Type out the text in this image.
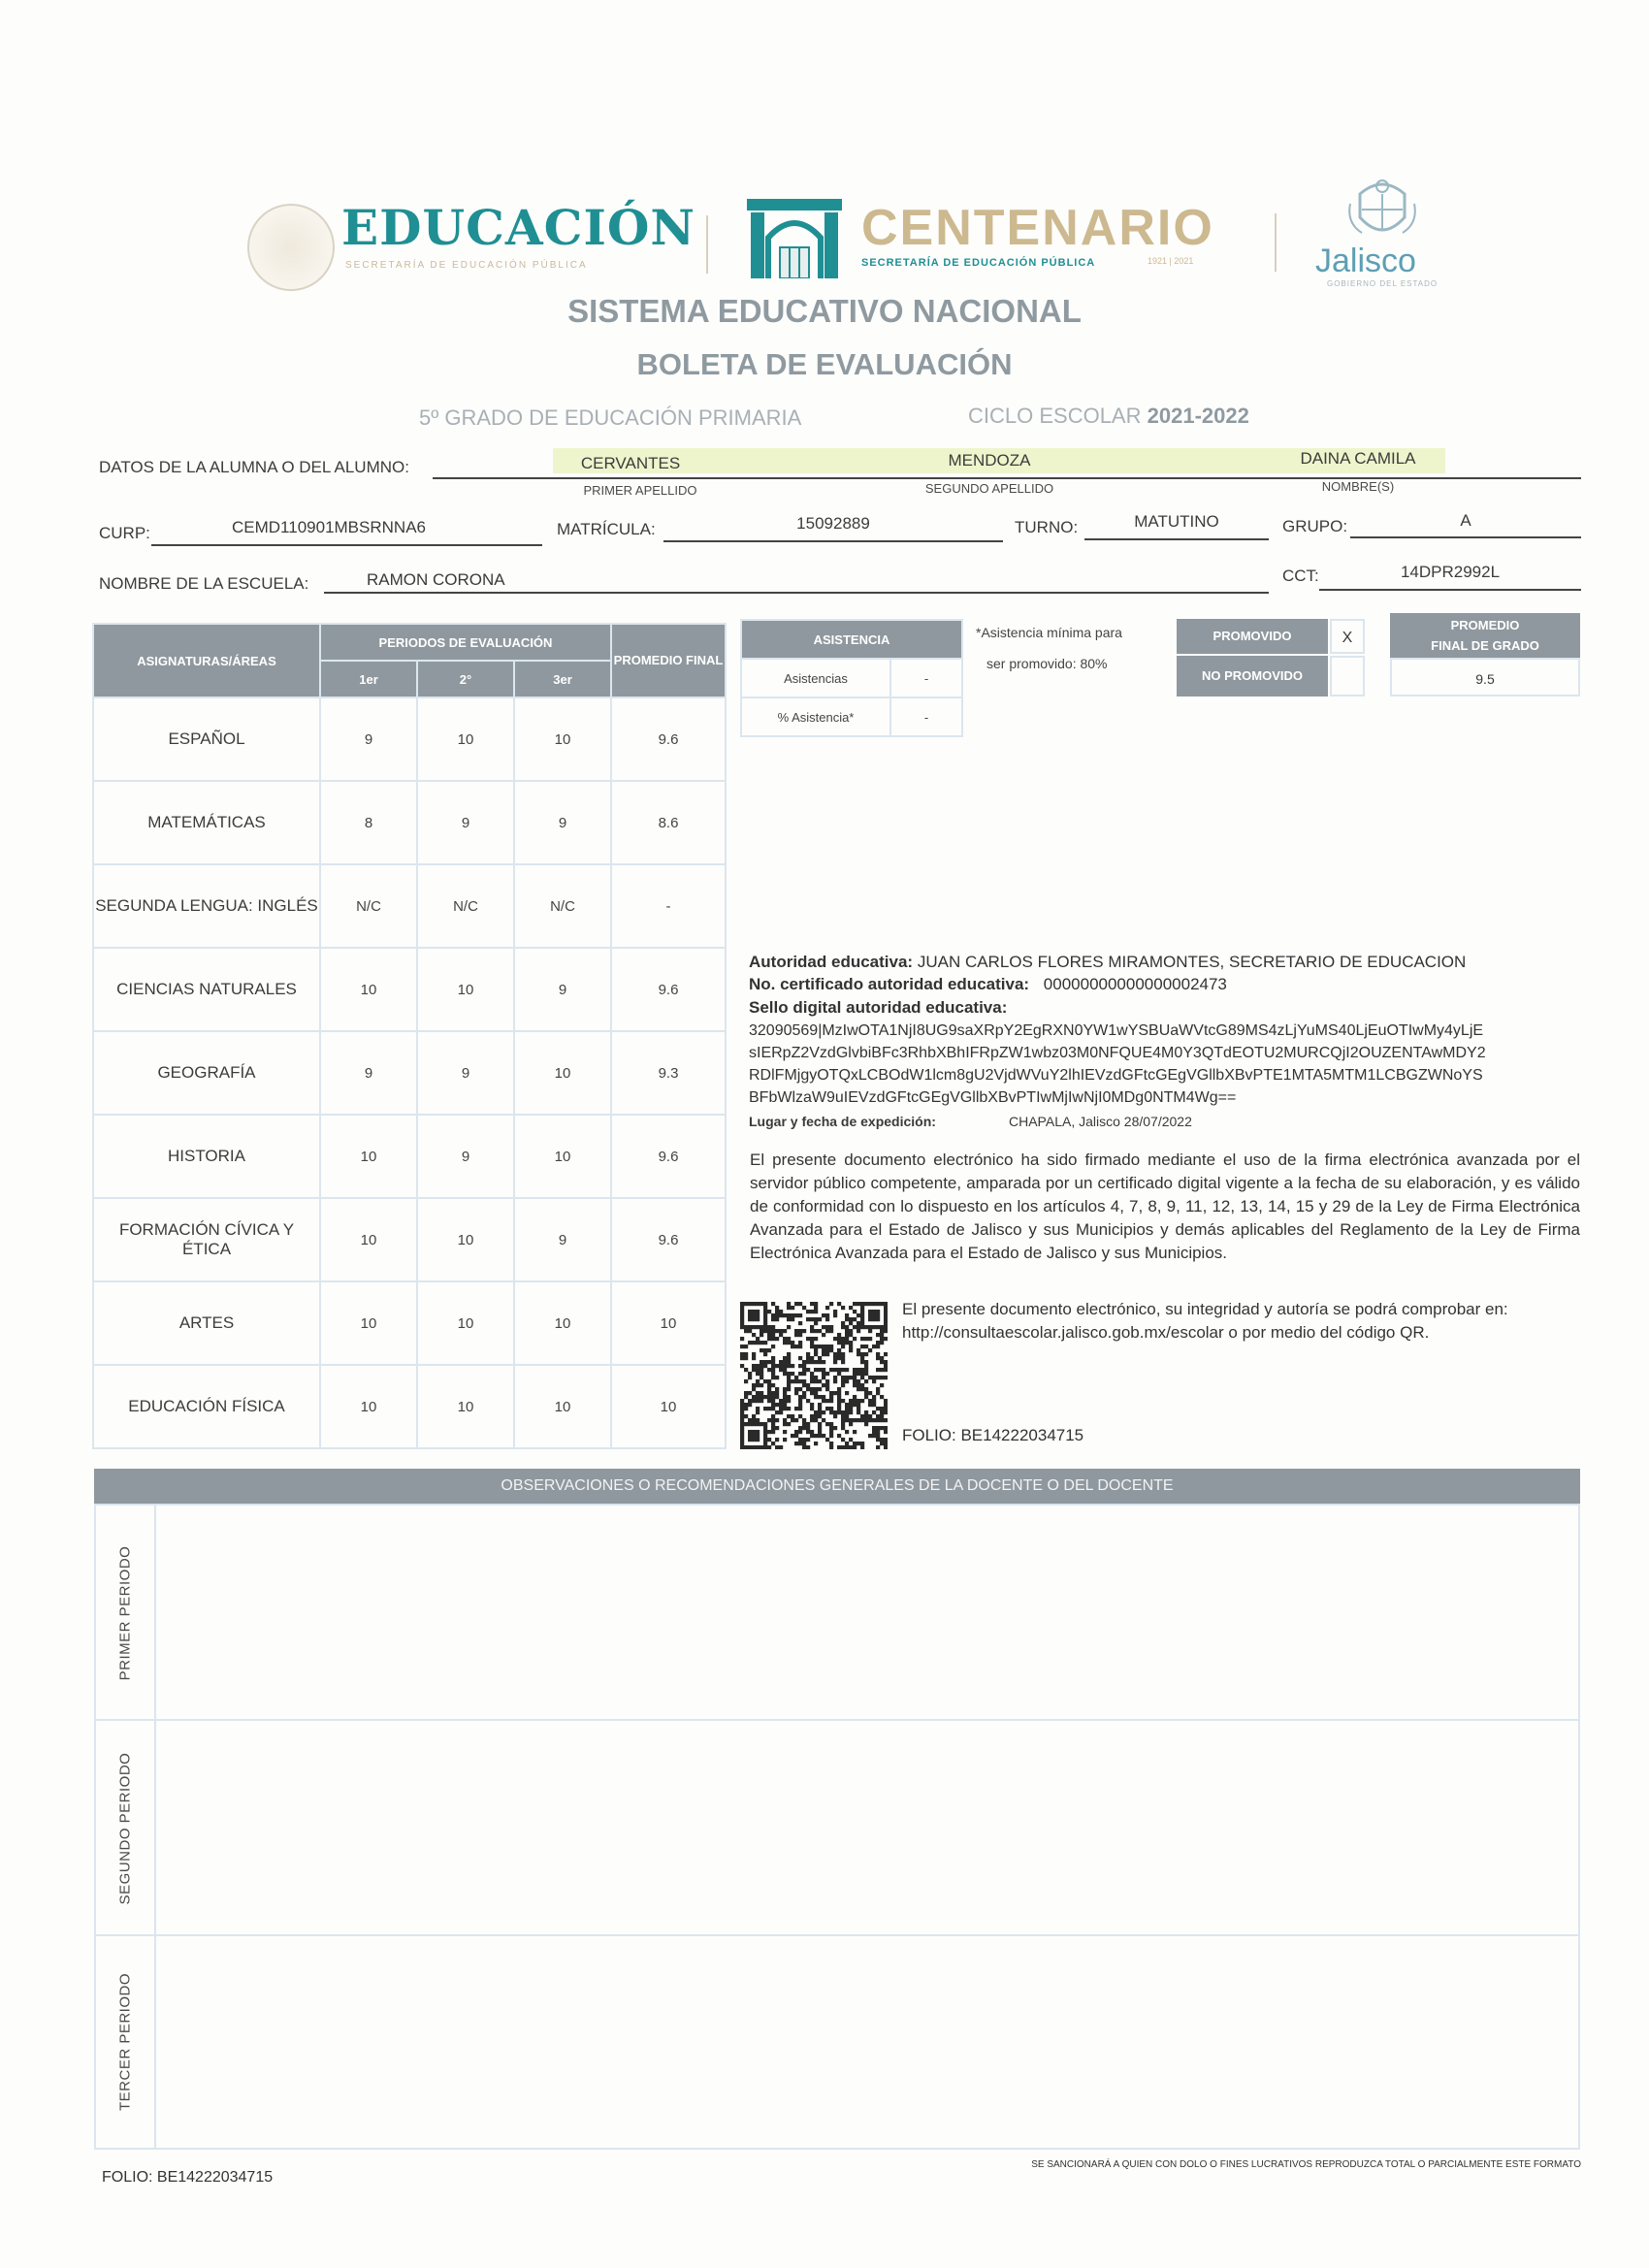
EDUCACIÓN
SECRETARÍA DE EDUCACIÓN PÚBLICA
CENTENARIO
SECRETARÍA DE EDUCACIÓN PÚBLICA	1921 | 2021	Jalisco
GOBIERNO DEL ESTADO
SISTEMA EDUCATIVO NACIONAL
BOLETA DE EVALUACIÓN
5º GRADO DE EDUCACIÓN PRIMARIA	CICLO ESCOLAR 2021-2022
DATOS DE LA ALUMNA O DEL ALUMNO:	CERVANTES	MENDOZA	DAINA CAMILA
PRIMER APELLIDO	SEGUNDO APELLIDO	NOMBRE(S)
CURP:	CEMD110901MBSRNNA6	MATRÍCULA:	15092889	TURNO:	MATUTINO	GRUPO:	A
NOMBRE DE LA ESCUELA:	RAMON CORONA	CCT:	14DPR2992L
ASIGNATURAS/ÁREAS	PERIODOS DE EVALUACIÓN			PROMEDIO FINAL
	1er	2°	3er	
ESPAÑOL	9	10	10	9.6
MATEMÁTICAS	8	9	9	8.6
SEGUNDA LENGUA: INGLÉS	N/C	N/C	N/C	-
CIENCIAS NATURALES	10	10	9	9.6
GEOGRAFÍA	9	9	10	9.3
HISTORIA	10	9	10	9.6
FORMACIÓN CÍVICA Y ÉTICA	10	10	9	9.6
ARTES	10	10	10	10
EDUCACIÓN FÍSICA	10	10	10	10
ASISTENCIA	
Asistencias	-
% Asistencia*	-
*Asistencia mínima para
ser promovido: 80%
PROMOVIDO	X
NO PROMOVIDO
PROMEDIO
FINAL DE GRADO
9.5
Autoridad educativa: JUAN CARLOS FLORES MIRAMONTES, SECRETARIO DE EDUCACION
No. certificado autoridad educativa: 00000000000000002473
Sello digital autoridad educativa:
32090569|MzIwOTA1NjI8UG9saXRpY2EgRXN0YW1wYSBUaWVtcG89MS4zLjYuMS40LjEuOTIwMy4yLjE
sIERpZ2VzdGlvbiBFc3RhbXBhIFRpZW1wbz03M0NFQUE4M0Y3QTdEOTU2MURCQjI2OUZENTAwMDY2
RDlFMjgyOTQxLCBOdW1lcm8gU2VjdWVuY2lhIEVzdGFtcGEgVGllbXBvPTE1MTA5MTM1LCBGZWNoYS
BFbWlzaW9uIEVzdGFtcGEgVGllbXBvPTIwMjIwNjI0MDg0NTM4Wg==
Lugar y fecha de expedición:	CHAPALA, Jalisco 28/07/2022
El presente documento electrónico ha sido firmado mediante el uso de la firma electrónica avanzada por el servidor público competente, amparada por un certificado digital vigente a la fecha de su elaboración, y es válido de conformidad con lo dispuesto en los artículos 4, 7, 8, 9, 11, 12, 13, 14, 15 y 29 de la Ley de Firma Electrónica Avanzada para el Estado de Jalisco y sus Municipios y demás aplicables del Reglamento de la Ley de Firma Electrónica Avanzada para el Estado de Jalisco y sus Municipios.
El presente documento electrónico, su integridad y autoría se podrá comprobar en: http://consultaescolar.jalisco.gob.mx/escolar o por medio del código QR.
FOLIO: BE14222034715
OBSERVACIONES O RECOMENDACIONES GENERALES DE LA DOCENTE O DEL DOCENTE
PRIMER PERIODO
SEGUNDO PERIODO
TERCER PERIODO
FOLIO: BE14222034715
SE SANCIONARÁ A QUIEN CON DOLO O FINES LUCRATIVOS REPRODUZCA TOTAL O PARCIALMENTE ESTE FORMATO
